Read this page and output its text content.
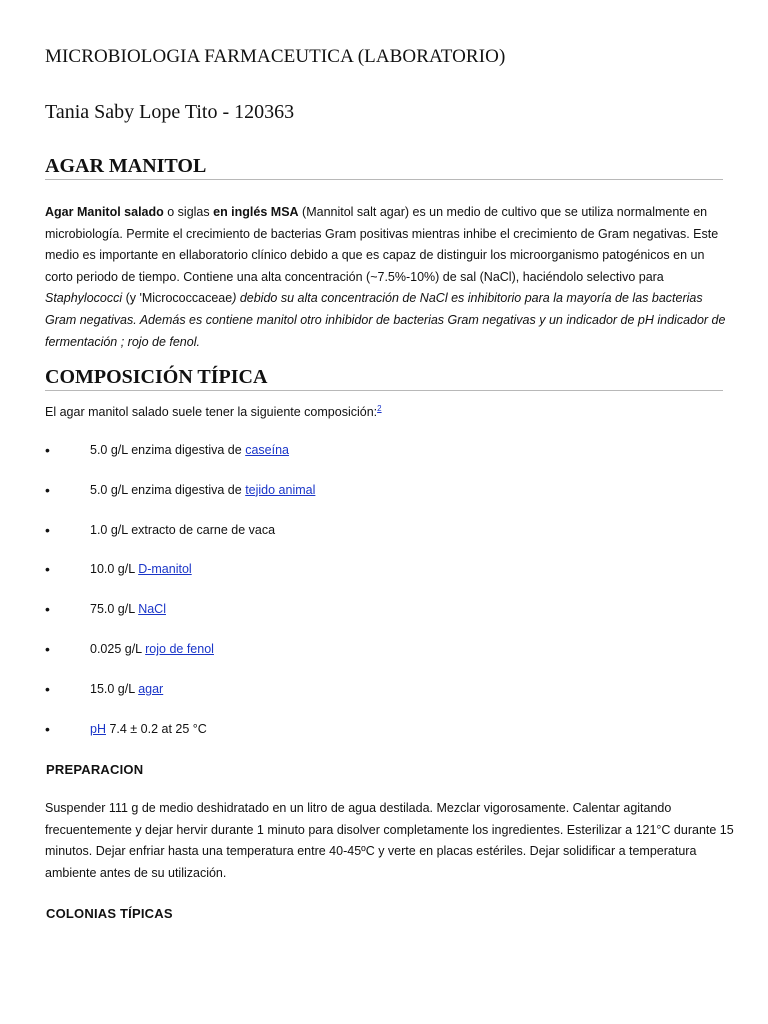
MICROBIOLOGIA FARMACEUTICA (LABORATORIO)
Tania Saby Lope Tito - 120363
AGAR MANITOL
Agar Manitol salado o siglas en inglés MSA (Mannitol salt agar) es un medio de cultivo que se utiliza normalmente en microbiología. Permite el crecimiento de bacterias Gram positivas mientras inhibe el crecimiento de Gram negativas. Este medio es importante en ellaboratorio clínico debido a que es capaz de distinguir los microorganismo patogénicos en un corto periodo de tiempo. Contiene una alta concentración (~7.5%-10%) de sal (NaCl), haciéndolo selectivo para Staphylococci (y 'Micrococcaceae) debido su alta concentración de NaCl es inhibitorio para la mayoría de las bacterias Gram negativas. Además es contiene manitol otro inhibidor de bacterias Gram negativas y un indicador de pH indicador de fermentación ; rojo de fenol.
COMPOSICIÓN TÍPICA
El agar manitol salado suele tener la siguiente composición:$^2$
•	5.0 g/L enzima digestiva de caseína
•	5.0 g/L enzima digestiva de tejido animal
•	1.0 g/L extracto de carne de vaca
•	10.0 g/L D-manitol
•	75.0 g/L NaCl
•	0.025 g/L rojo de fenol
•	15.0 g/L agar
•	pH 7.4 ± 0.2 at 25 °C
PREPARACION
Suspender 111 g de medio deshidratado en un litro de agua destilada. Mezclar vigorosamente. Calentar agitando frecuentemente y dejar hervir durante 1 minuto para disolver completamente los ingredientes. Esterilizar a 121°C durante 15 minutos. Dejar enfriar hasta una temperatura entre 40-45ºC y verte en placas estériles. Dejar solidificar a temperatura ambiente antes de su utilización.
COLONIAS TÍPICAS
